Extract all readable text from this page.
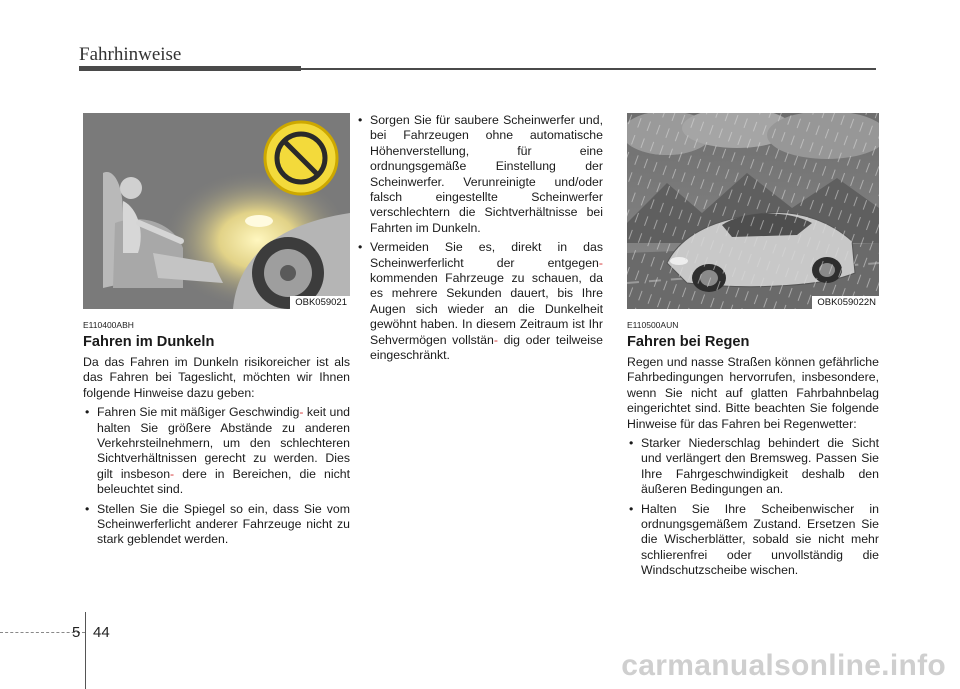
Fahrhinweise
OBK059021
E110400ABH
Fahren im Dunkeln

Da das Fahren im Dunkeln risikoreicher ist als das Fahren bei Tageslicht, möchten wir Ihnen folgende Hinweise dazu geben:

• Fahren Sie mit mäßiger Geschwindig- keit und halten Sie größere Abstände zu anderen Verkehrsteilnehmern, um den schlechteren Sichtverhältnissen gerecht zu werden. Dies gilt insbeson- dere in Bereichen, die nicht beleuchtet sind.
• Stellen Sie die Spiegel so ein, dass Sie vom Scheinwerferlicht anderer Fahrzeuge nicht zu stark geblendet werden.
• Sorgen Sie für saubere Scheinwerfer und, bei Fahrzeugen ohne automatische Höhenverstellung, für eine ordnungsgemäße Einstellung der Scheinwerfer. Verunreinigte und/oder falsch eingestellte Scheinwerfer verschlechtern die Sichtverhältnisse bei Fahrten im Dunkeln.
• Vermeiden Sie es, direkt in das Scheinwerferlicht der entgegen- kommenden Fahrzeuge zu schauen, da es mehrere Sekunden dauert, bis Ihre Augen sich wieder an die Dunkelheit gewöhnt haben. In diesem Zeitraum ist Ihr Sehvermögen vollstän- dig oder teilweise eingeschränkt.
OBK059022N
E110500AUN
Fahren bei Regen

Regen und nasse Straßen können gefährliche Fahrbedingungen hervorrufen, insbesondere, wenn Sie nicht auf glatten Fahrbahnbelag eingerichtet sind. Bitte beachten Sie folgende Hinweise für das Fahren bei Regenwetter:

• Starker Niederschlag behindert die Sicht und verlängert den Bremsweg. Passen Sie Ihre Fahrgeschwindigkeit deshalb den äußeren Bedingungen an.
• Halten Sie Ihre Scheibenwischer in ordnungsgemäßem Zustand. Ersetzen Sie die Wischerblätter, sobald sie nicht mehr schlierenfrei oder unvollständig die Windschutzscheibe wischen.
5 44
carmanualsonline.info
